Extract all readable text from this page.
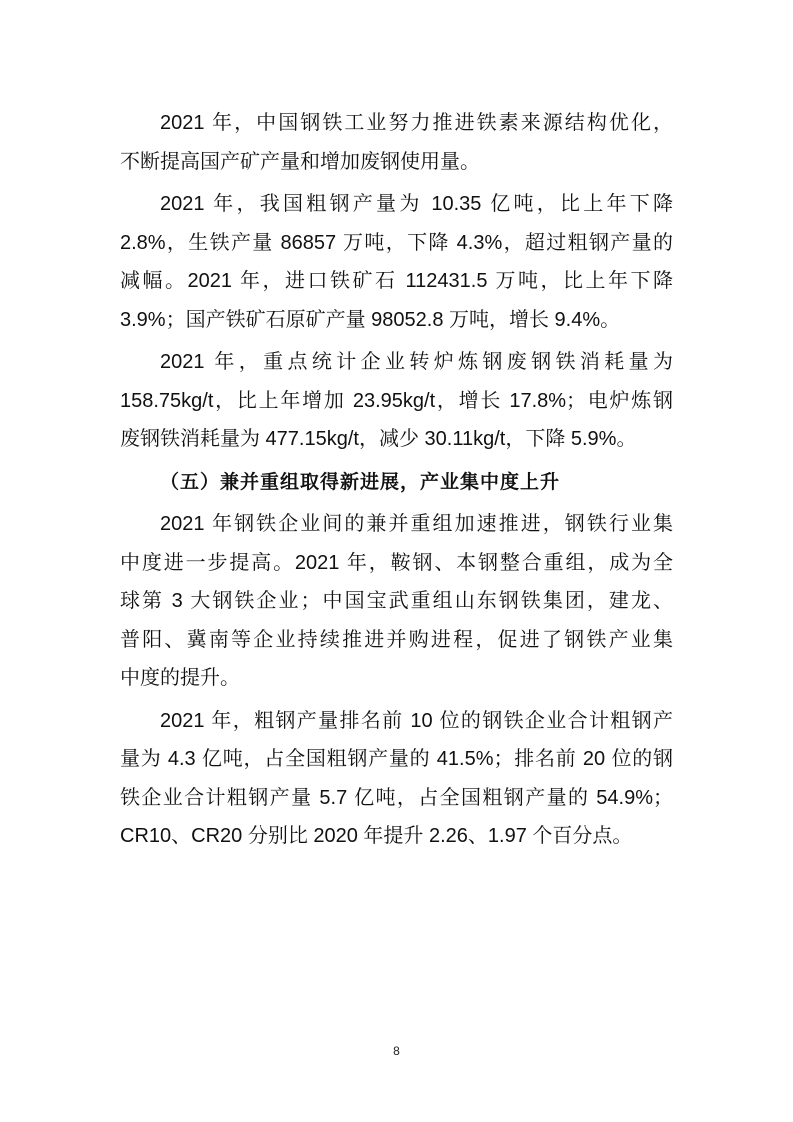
2021 年，中国钢铁工业努力推进铁素来源结构优化，
不断提高国产矿产量和增加废钢使用量。
2021 年，我国粗钢产量为 10.35 亿吨，比上年下降
2.8%，生铁产量 86857 万吨，下降 4.3%，超过粗钢产量的
减幅。2021 年，进口铁矿石 112431.5 万吨，比上年下降
3.9%；国产铁矿石原矿产量 98052.8 万吨，增长 9.4%。
2021 年，重点统计企业转炉炼钢废钢铁消耗量为
158.75kg/t，比上年增加 23.95kg/t，增长 17.8%；电炉炼钢
废钢铁消耗量为 477.15kg/t，减少 30.11kg/t，下降 5.9%。
（五）兼并重组取得新进展，产业集中度上升
2021 年钢铁企业间的兼并重组加速推进，钢铁行业集
中度进一步提高。2021 年，鞍钢、本钢整合重组，成为全
球第 3 大钢铁企业；中国宝武重组山东钢铁集团，建龙、
普阳、冀南等企业持续推进并购进程，促进了钢铁产业集
中度的提升。
2021 年，粗钢产量排名前 10 位的钢铁企业合计粗钢产
量为 4.3 亿吨，占全国粗钢产量的 41.5%；排名前 20 位的钢
铁企业合计粗钢产量 5.7 亿吨，占全国粗钢产量的 54.9%；
CR10、CR20 分别比 2020 年提升 2.26、1.97 个百分点。
8
